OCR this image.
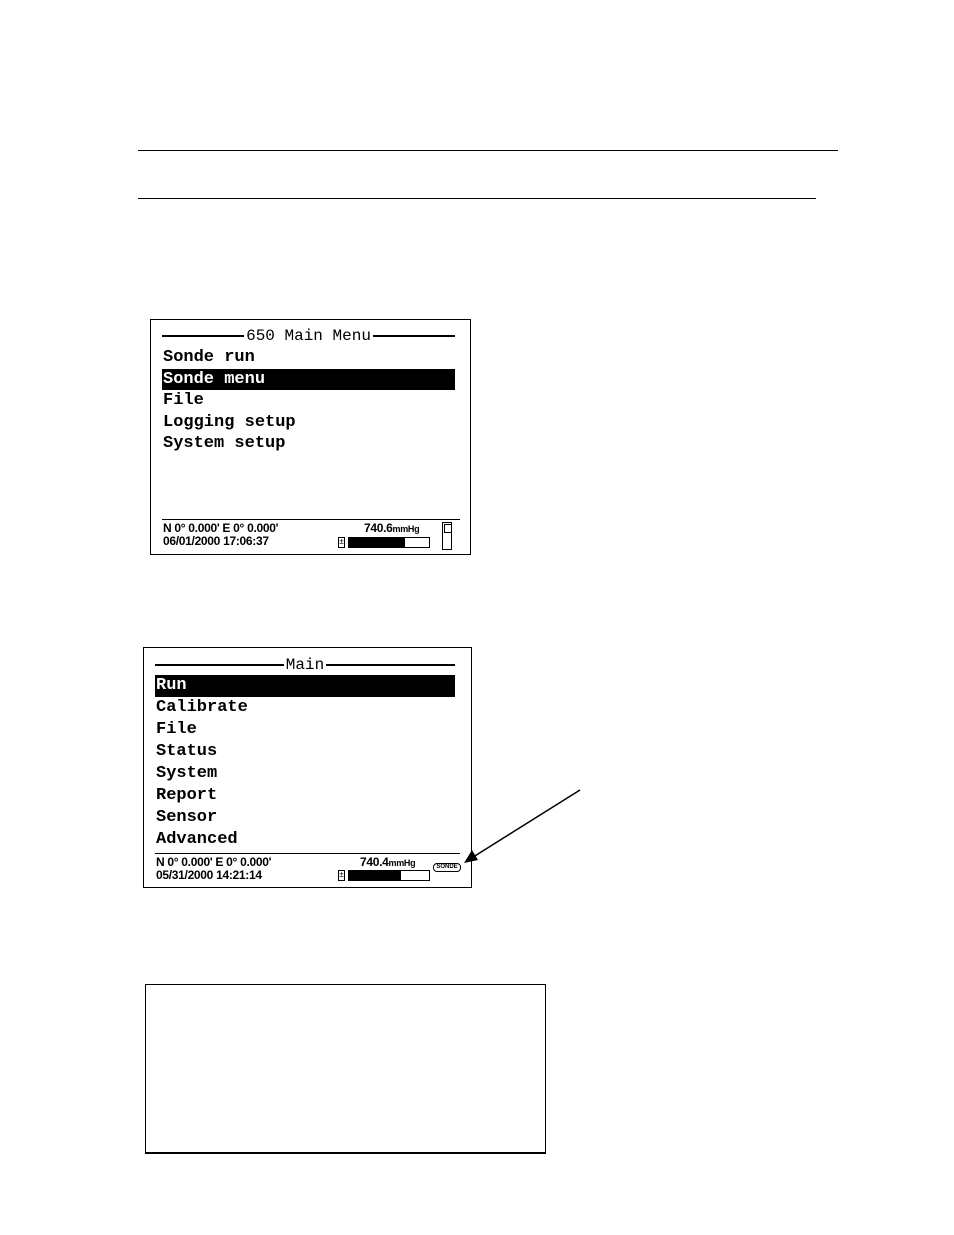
650 Main Menu
Sonde run
Sonde menu
File
Logging setup
System setup
N 0° 0.000' E 0° 0.000'
06/01/2000 17:06:37
740.6mmHg
±
Main
Run
Calibrate
File
Status
System
Report
Sensor
Advanced
N 0° 0.000' E 0° 0.000'
05/31/2000 14:21:14
740.4mmHg
±
SONDE
